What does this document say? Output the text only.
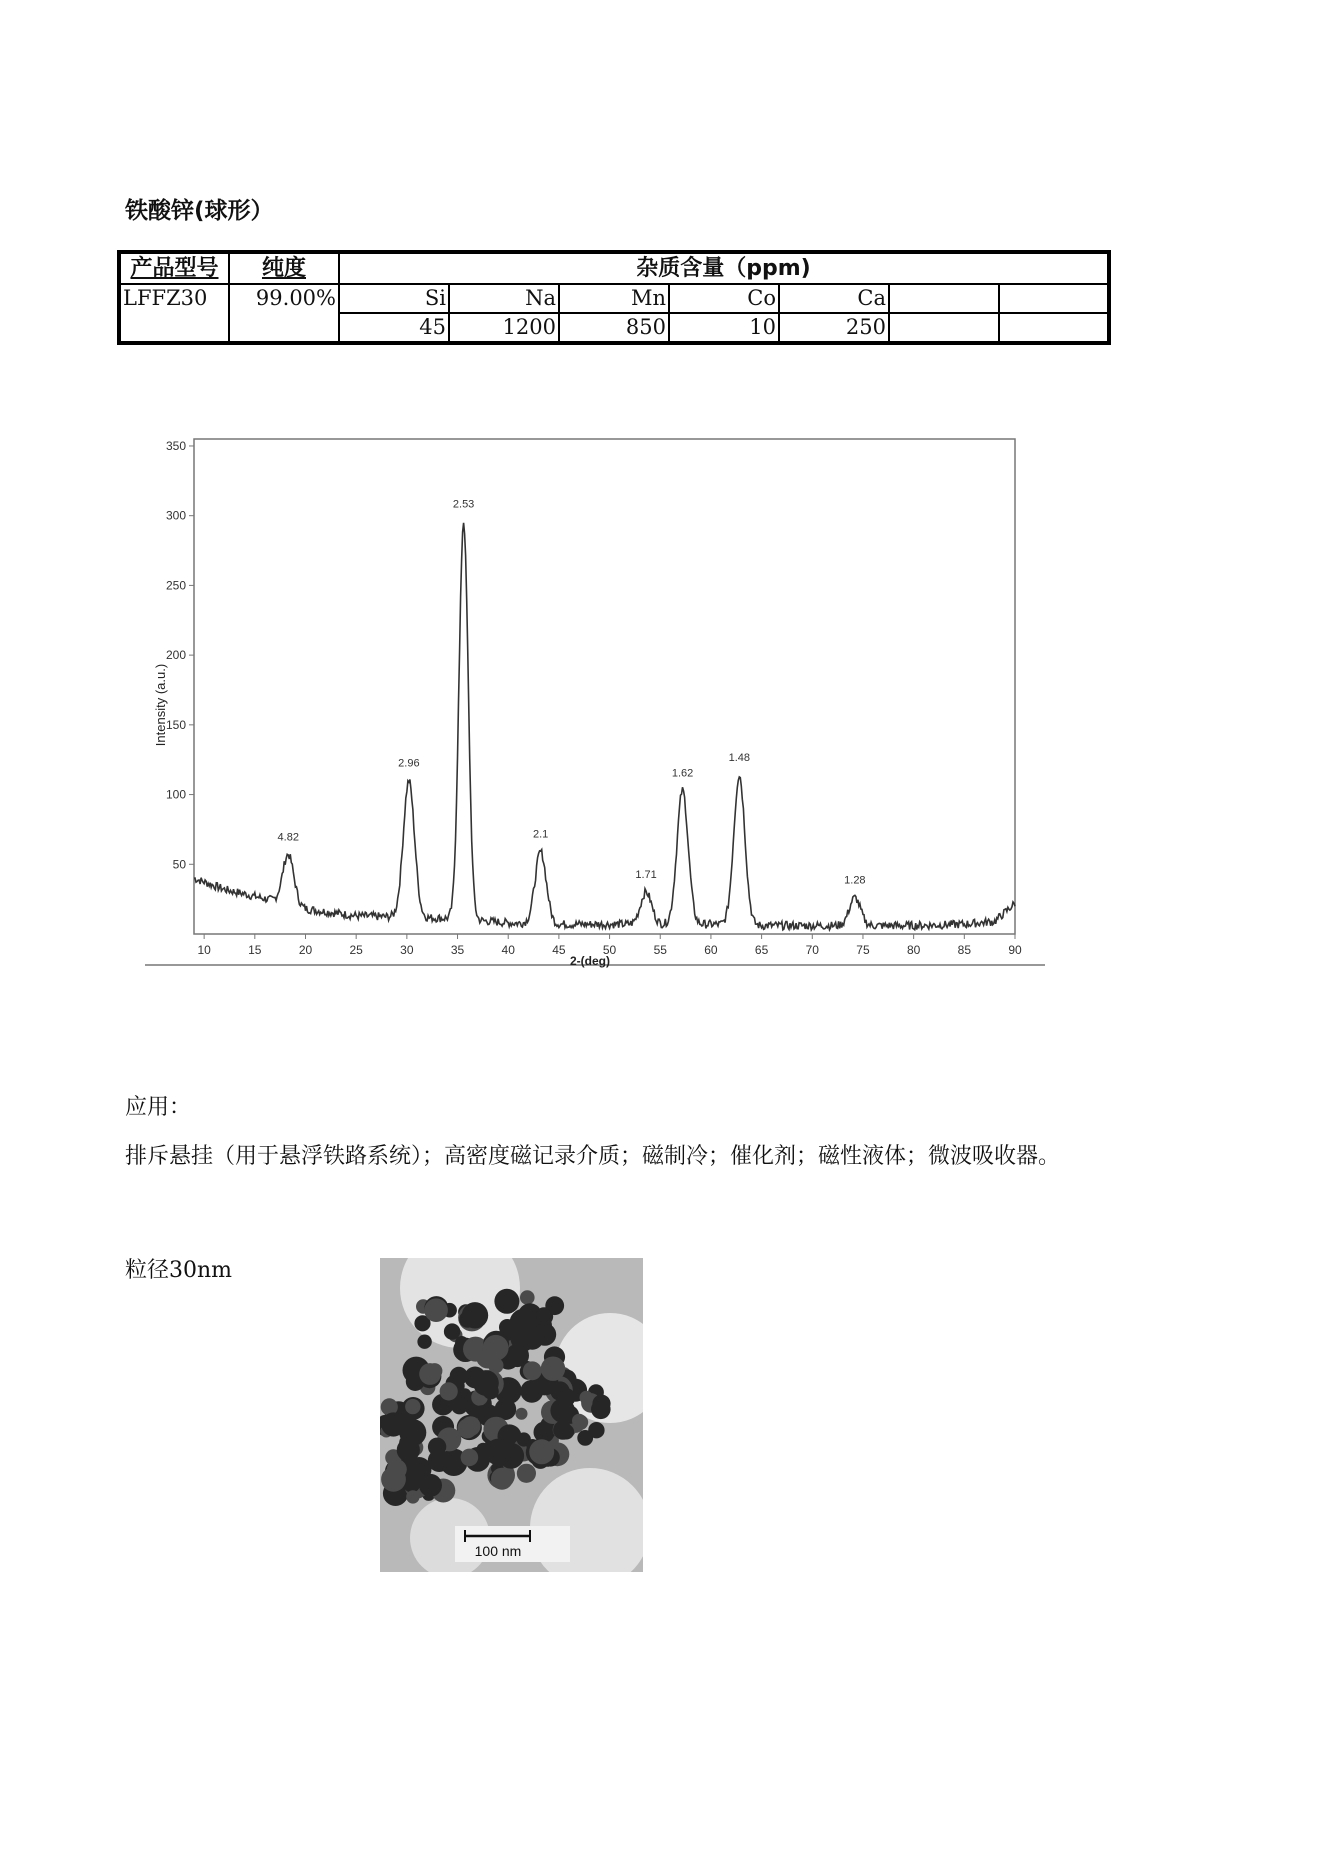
铁酸锌(球形）
产品型号	纯度	杂质含量（ppm)						
LFFZ30	99.00%	Si	Na	Mn	Co	Ca		
		45	1200	850	10	250		
50
100
150
200
250
300
350
10	15	20	25	30	35	40	45	50	55	60	65	70	75	80	85	90
4.82
2.96
2.53
2.1
1.71
1.62
1.48
1.28
2-(deg)
Intensity (a.u.)
应用：
排斥悬挂（用于悬浮铁路系统）；高密度磁记录介质；磁制冷；催化剂；磁性液体；微波吸收器。
粒径30nm
100 nm
